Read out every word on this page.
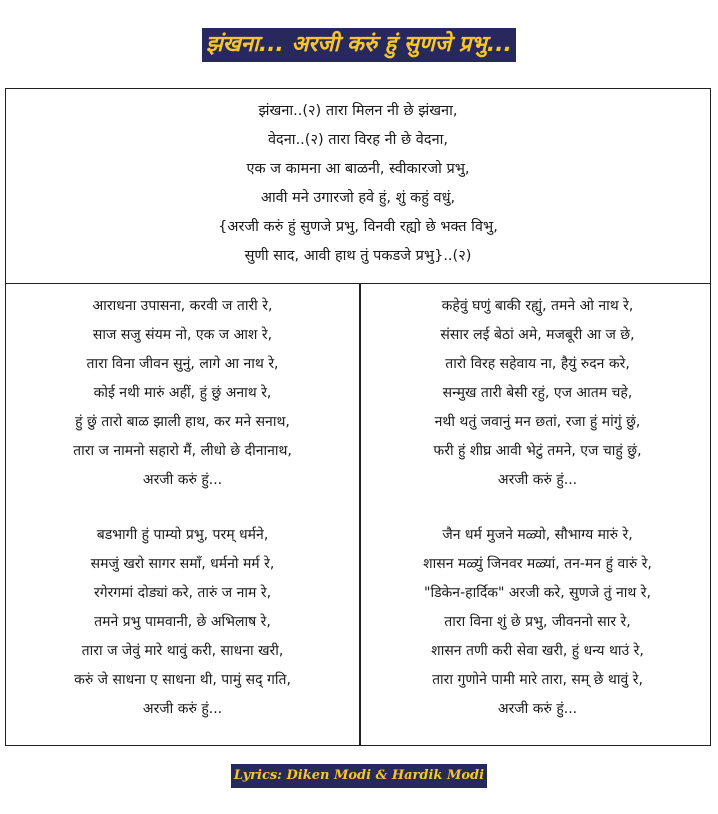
झंखना... अरजी करुं हुं सुणजे प्रभु...
झंखना..(२) तारा मिलन नी छे झंखना,
वेदना..(२) तारा विरह नी छे वेदना,
एक ज कामना आ बाळनी, स्वीकारजो प्रभु,
आवी मने उगारजो हवे हुं, शुं कहुं वधुं,
{अरजी करुं हुं सुणजे प्रभु, विनवी रह्यो छे भक्त विभु,
सुणी साद, आवी हाथ तुं पकडजे प्रभु}..(२)
आराधना उपासना, करवी ज तारी रे,
साज सजु संयम नो, एक ज आश रे,
तारा विना जीवन सुनुं, लागे आ नाथ रे,
कोई नथी मारुं अहीं, हुं छुं अनाथ रे,
हुं छुं तारो बाळ झाली हाथ, कर मने सनाथ,
तारा ज नामनो सहारो मैं, लीधो छे दीनानाथ,
अरजी करुं हुं...
बडभागी हुं पाम्यो प्रभु, परम् धर्मने,
समजुं खरो सागर समाँ, धर्मनो मर्म रे,
रगेरगमां दोड्यां करे, तारुं ज नाम रे,
तमने प्रभु पामवानी, छे अभिलाष रे,
तारा ज जेवुं मारे थावुं करी, साधना खरी,
करुं जे साधना ए साधना थी, पामुं सद् गति,
अरजी करुं हुं...
कहेवुं घणुं बाकी रह्युं, तमने ओ नाथ रे,
संसार लई बेठां अमे, मजबूरी आ ज छे,
तारो विरह सहेवाय ना, हैयुं रुदन करे,
सन्मुख तारी बेसी रहुं, एज आतम चहे,
नथी थतुं जवानुं मन छतां, रजा हुं मांगुं छुं,
फरी हुं शीघ्र आवी भेटुं तमने, एज चाहुं छुं,
अरजी करुं हुं...
जैन धर्म मुजने मळ्यो, सौभाग्य मारुं रे,
शासन मळ्युं जिनवर मळ्यां, तन-मन हुं वारुं रे,
"डिकेन-हार्दिक" अरजी करे, सुणजे तुं नाथ रे,
तारा विना शुं छे प्रभु, जीवननो सार रे,
शासन तणी करी सेवा खरी, हुं धन्य थाउं रे,
तारा गुणोने पामी मारे तारा, सम् छे थावुं रे,
अरजी करुं हुं...
Lyrics: Diken Modi & Hardik Modi
